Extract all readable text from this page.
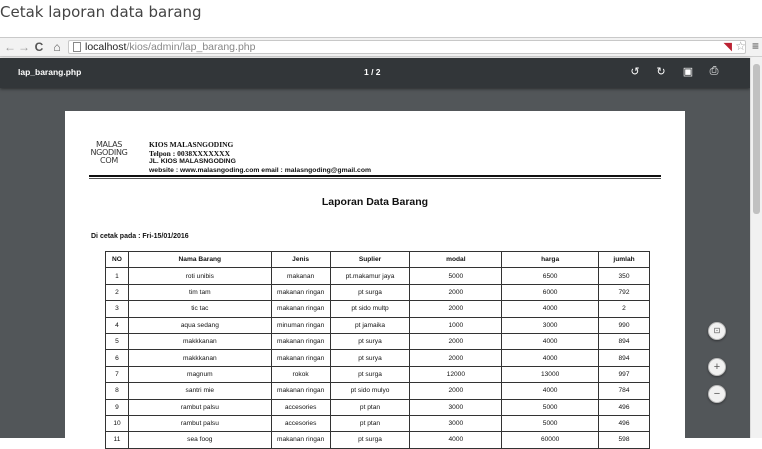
Cetak laporan data barang
← → C ⌂	localhost/kios/admin/lap_barang.php	◥ ☆ ≡
lap_barang.php	1 / 2	↺ ↻ ▣ ⎙
MALAS
NGODING
COM
KIOS MALASNGODING
Telpon : 0038XXXXXXX
JL. KIOS MALASNGODING
website : www.malasngoding.com email : malasngoding@gmail.com
Laporan Data Barang
Di cetak pada : Fri-15/01/2016
NO	Nama Barang	Jenis	Suplier	modal	harga	jumlah
1	roti unibis	makanan	pt.makamur jaya	5000	6500	350
2	tim tam	makanan ringan	pt surga	2000	6000	792
3	tic tac	makanan ringan	pt sido multp	2000	4000	2
4	aqua sedang	minuman ringan	pt jamaika	1000	3000	990
5	makkkanan	makanan ringan	pt surya	2000	4000	894
6	makkkanan	makanan ringan	pt surya	2000	4000	894
7	magnum	rokok	pt surga	12000	13000	997
8	santri mie	makanan ringan	pt sido mulyo	2000	4000	784
9	rambut palsu	accesories	pt ptan	3000	5000	496
10	rambut palsu	accesories	pt ptan	3000	5000	496
11	sea foog	makanan ringan	pt surga	4000	60000	598
⊡
+
−
